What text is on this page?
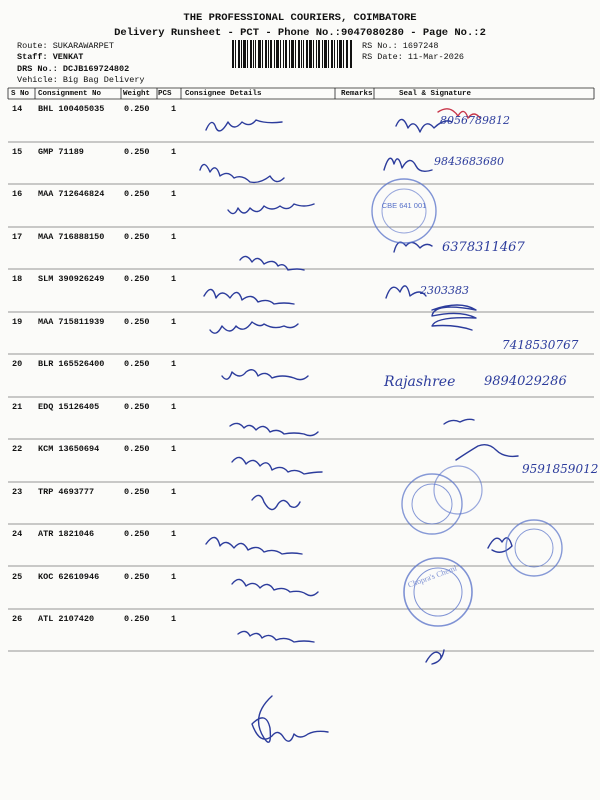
THE PROFESSIONAL COURIERS, COIMBATORE
Delivery Runsheet - PCT - Phone No.:9047080280 - Page No.:2
Route: SUKARAWARPET
Staff: VENKAT
DRS No.: DCJB169724802
Vehicle: Big Bag Delivery
RS No.: 1697248
RS Date: 11-Mar-2026
S No Consignment No	Weight PCS Consignee Details	Remarks	Seal & Signature
14 BHL 100405035 0.250	1
15 GMP 71189	0.250	1
16 MAA 712646824 0.250	1
17 MAA 716888150 0.250	1
18 SLM 390926249 0.250	1
19 MAA 715811939 0.250	1
20 BLR 165526400 0.250	1
21 EDQ 15126405	0.250	1
22 KCM 13650694	0.250	1
23 TRP 4693777	0.250	1
24 ATR 1821046	0.250	1
25 KOC 62610946	0.250	1
26 ATL 2107420	0.250	1
CBE 641 001
Chopra's Cheml
8056789812
9843683680
6378311467
2303383
7418530767
Rajashree 9894029286
9591859012
